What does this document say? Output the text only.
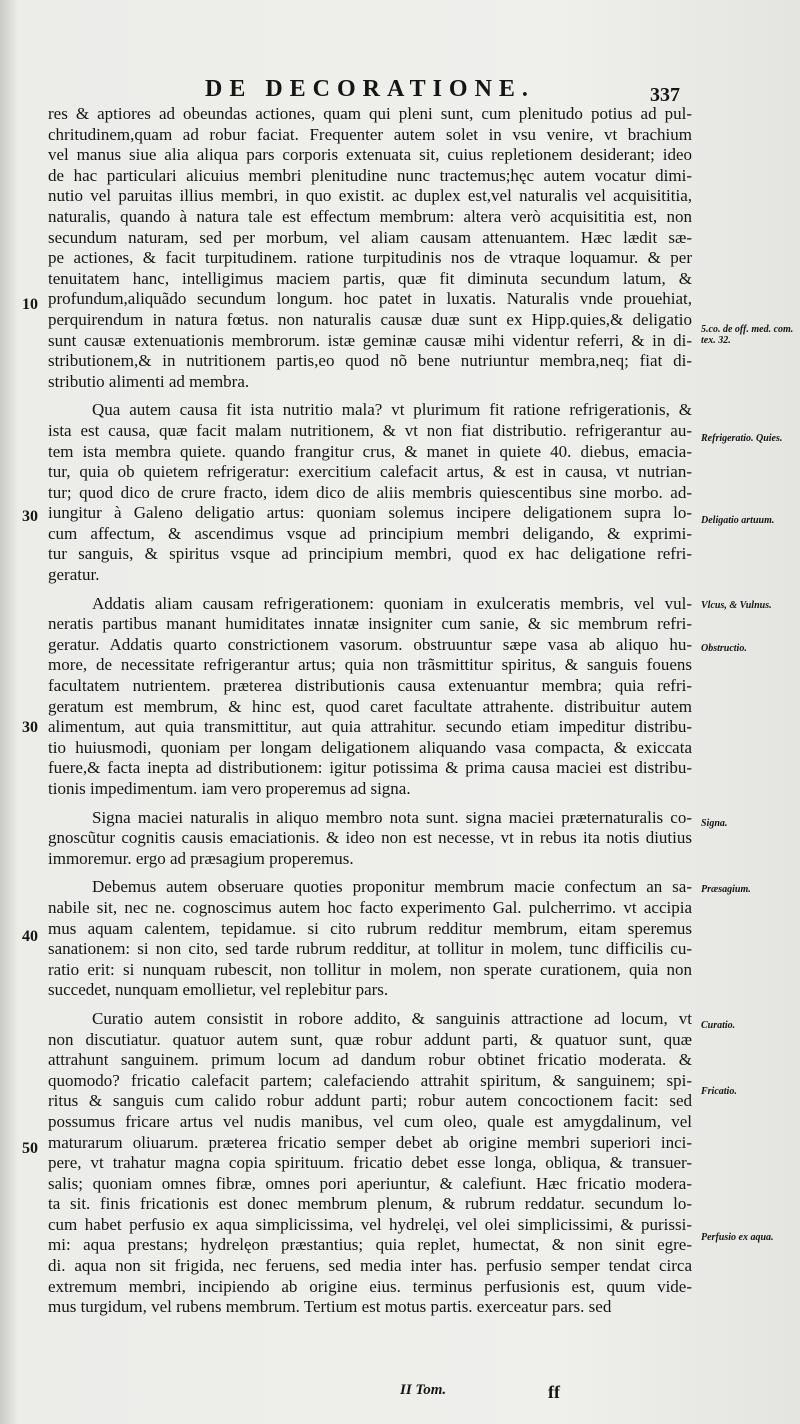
DE DECORATIONE.	337
res & aptiores ad obeundas actiones, quam qui pleni sunt, cum plenitudo potius ad pul-
chritudinem,quam ad robur faciat. Frequenter autem solet in vsu venire, vt brachium
vel manus siue alia aliqua pars corporis extenuata sit, cuius repletionem desiderant; ideo
de hac particulari alicuius membri plenitudine nunc tractemus;hęc autem vocatur dimi-
nutio vel paruitas illius membri, in quo existit. ac duplex est,vel naturalis vel acquisititia,
naturalis, quando à natura tale est effectum membrum: altera verò acquisititia est, non
secundum naturam, sed per morbum, vel aliam causam attenuantem. Hæc lædit sæ-
pe actiones, & facit turpitudinem. ratione turpitudinis nos de vtraque loquamur. & per
tenuitatem hanc, intelligimus maciem partis, quæ fit diminuta secundum latum, &
profundum,aliquãdo secundum longum. hoc patet in luxatis. Naturalis vnde prouehiat,
perquirendum in natura fœtus. non naturalis causæ duæ sunt ex Hipp.quies,& deligatio
sunt causæ extenuationis membrorum. istæ geminæ causæ mihi videntur referri, & in di-
stributionem,& in nutritionem partis,eo quod nõ bene nutriuntur membra,neq; fiat di-
stributio alimenti ad membra.
Qua autem causa fit ista nutritio mala? vt plurimum fit ratione refrigerationis, &
ista est causa, quæ facit malam nutritionem, & vt non fiat distributio. refrigerantur au-
tem ista membra quiete. quando frangitur crus, & manet in quiete 40. diebus, emacia-
tur, quia ob quietem refrigeratur: exercitium calefacit artus, & est in causa, vt nutrian-
tur; quod dico de crure fracto, idem dico de aliis membris quiescentibus sine morbo. ad-
iungitur à Galeno deligatio artus: quoniam solemus incipere deligationem supra lo-
cum affectum, & ascendimus vsque ad principium membri deligando, & exprimi-
tur sanguis, & spiritus vsque ad principium membri, quod ex hac deligatione refri-
geratur.
Addatis aliam causam refrigerationem: quoniam in exulceratis membris, vel vul-
neratis partibus manant humiditates innatæ insigniter cum sanie, & sic membrum refri-
geratur. Addatis quarto constrictionem vasorum. obstruuntur sæpe vasa ab aliquo hu-
more, de necessitate refrigerantur artus; quia non trãsmittitur spiritus, & sanguis fouens
facultatem nutrientem. præterea distributionis causa extenuantur membra; quia refri-
geratum est membrum, & hinc est, quod caret facultate attrahente. distribuitur autem
alimentum, aut quia transmittitur, aut quia attrahitur. secundo etiam impeditur distribu-
tio huiusmodi, quoniam per longam deligationem aliquando vasa compacta, & exiccata
fuere,& facta inepta ad distributionem: igitur potissima & prima causa maciei est distribu-
tionis impedimentum. iam vero properemus ad signa.
Signa maciei naturalis in aliquo membro nota sunt. signa maciei præternaturalis co-
gnoscũtur cognitis causis emaciationis. & ideo non est necesse, vt in rebus ita notis diutius
immoremur. ergo ad præsagium properemus.
Debemus autem obseruare quoties proponitur membrum macie confectum an sa-
nabile sit, nec ne. cognoscimus autem hoc facto experimento Gal. pulcherrimo. vt accipia
mus aquam calentem, tepidamue. si cito rubrum redditur membrum, eitam speremus
sanationem: si non cito, sed tarde rubrum redditur, at tollitur in molem, tunc difficilis cu-
ratio erit: si nunquam rubescit, non tollitur in molem, non sperate curationem, quia non
succedet, nunquam emollietur, vel replebitur pars.
Curatio autem consistit in robore addito, & sanguinis attractione ad locum, vt
non discutiatur. quatuor autem sunt, quæ robur addunt parti, & quatuor sunt, quæ
attrahunt sanguinem. primum locum ad dandum robur obtinet fricatio moderata. &
quomodo? fricatio calefacit partem; calefaciendo attrahit spiritum, & sanguinem; spi-
ritus & sanguis cum calido robur addunt parti; robur autem concoctionem facit: sed
possumus fricare artus vel nudis manibus, vel cum oleo, quale est amygdalinum, vel
maturarum oliuarum. præterea fricatio semper debet ab origine membri superiori inci-
pere, vt trahatur magna copia spirituum. fricatio debet esse longa, obliqua, & transuer-
salis; quoniam omnes fibræ, omnes pori aperiuntur, & calefiunt. Hæc fricatio modera-
ta sit. finis fricationis est donec membrum plenum, & rubrum reddatur. secundum lo-
cum habet perfusio ex aqua simplicissima, vel hydrelęi, vel olei simplicissimi, & purissi-
mi: aqua prestans; hydrelęon præstantius; quia replet, humectat, & non sinit egre-
di. aqua non sit frigida, nec feruens, sed media inter has. perfusio semper tendat circa
extremum membri, incipiendo ab origine eius. terminus perfusionis est, quum vide-
mus turgidum, vel rubens membrum. Tertium est motus partis. exerceatur pars. sed
10
30
30
40
50
5.co. de off. med. com. tex. 32.
Refrigeratio. Quies.
Deligatio artuum.
Vlcus, & Vulnus.
Obstructio.
Signa.
Præsagium.
Curatio.
Fricatio.
Perfusio ex aqua.
II Tom.	ff
